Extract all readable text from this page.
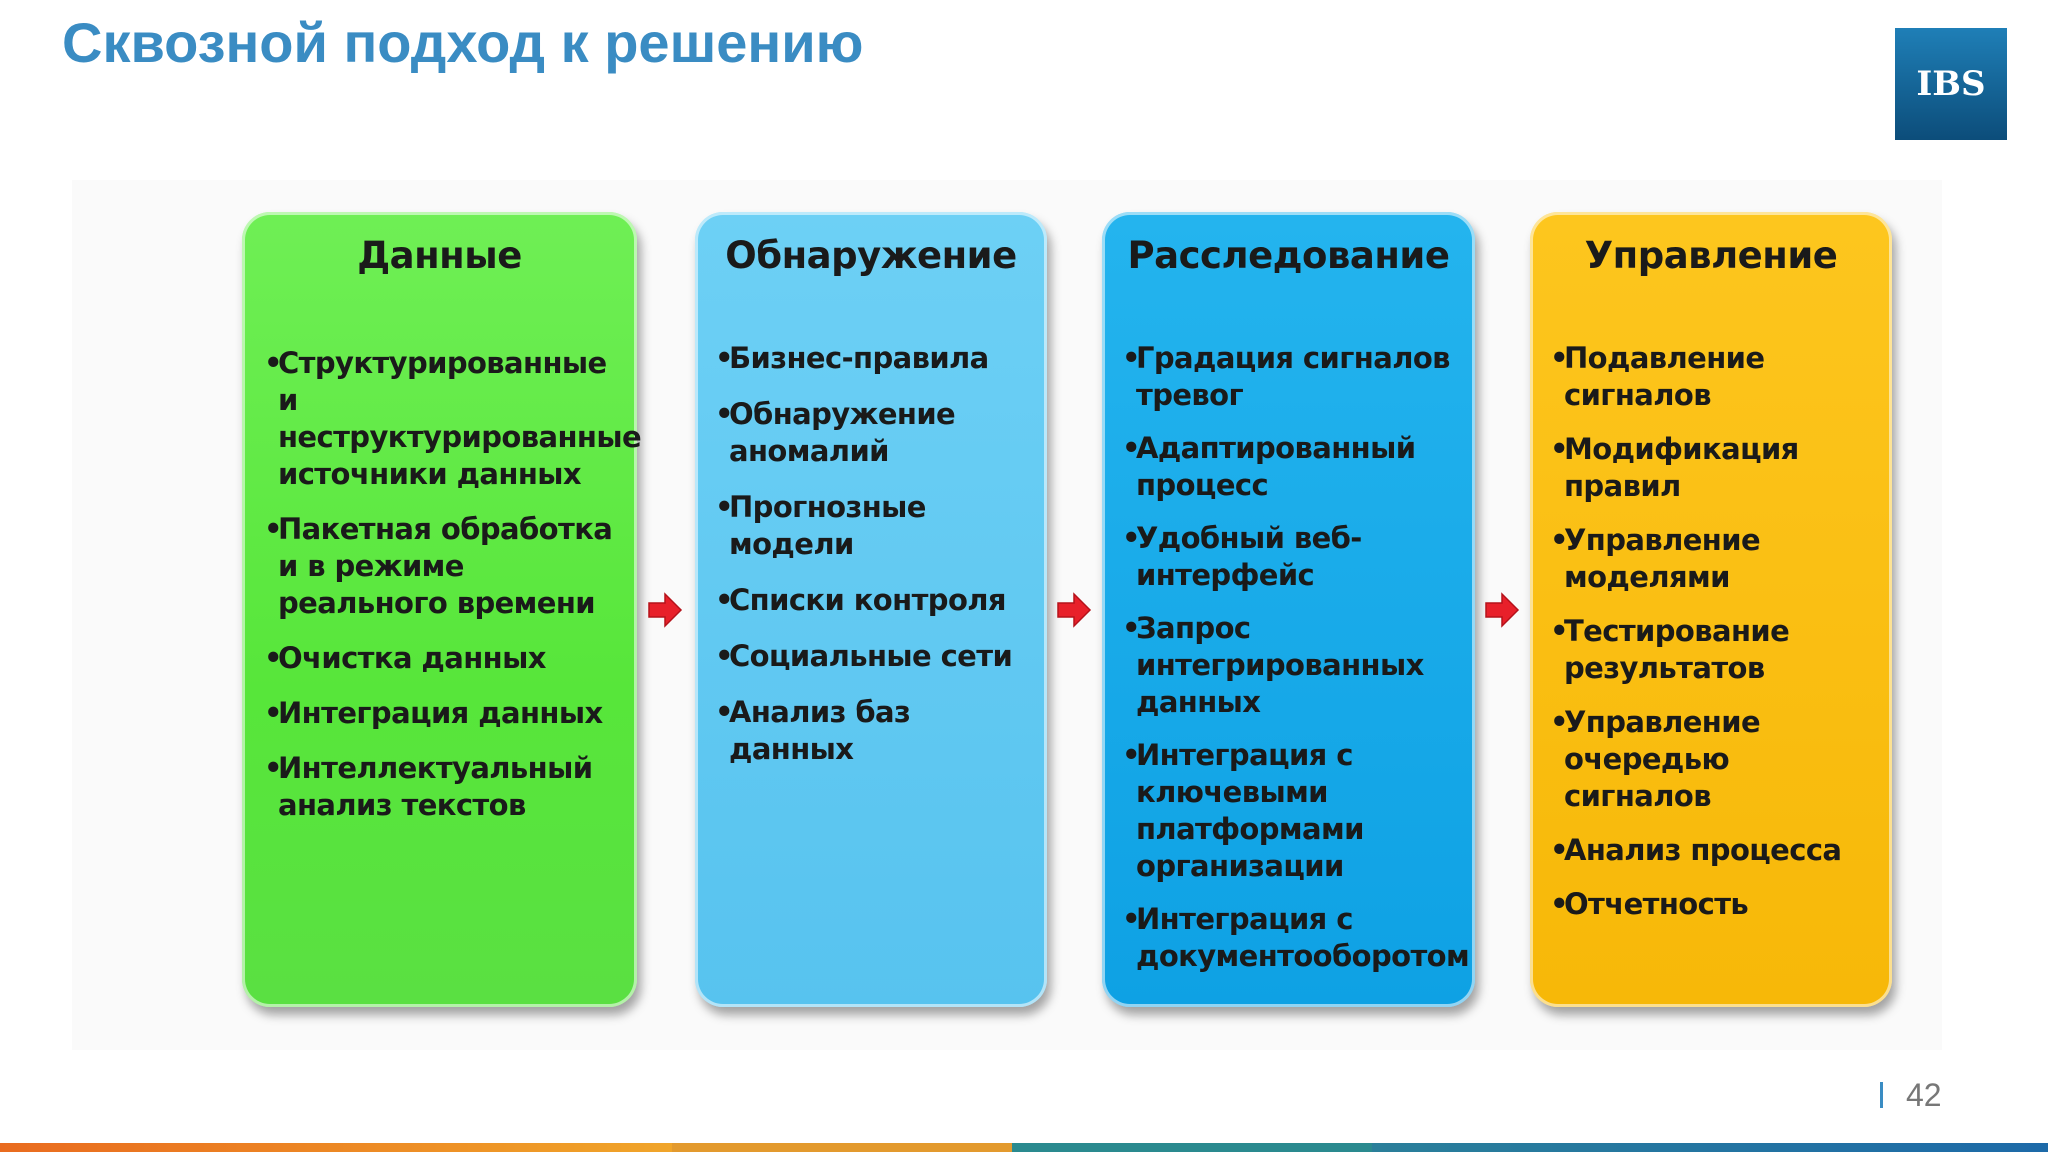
Сквозной подход к решению
IBS
Данные
• Структурированные и неструктурированные источники данных
• Пакетная обработка и в режиме реального времени
• Очистка данных
• Интеграция данных
• Интеллектуальный анализ текстов
Обнаружение
• Бизнес-правила
• Обнаружение аномалий
• Прогнозные модели
• Списки контроля
• Социальные сети
• Анализ баз данных
Расследование
• Градация сигналов тревог
• Адаптированный процесс
• Удобный веб-интерфейс
• Запрос интегрированных данных
• Интеграция с ключевыми платформами организации
• Интеграция с документооборотом
Управление
• Подавление сигналов
• Модификация правил
• Управление моделями
• Тестирование результатов
• Управление очередью сигналов
• Анализ процесса
• Отчетность
42
